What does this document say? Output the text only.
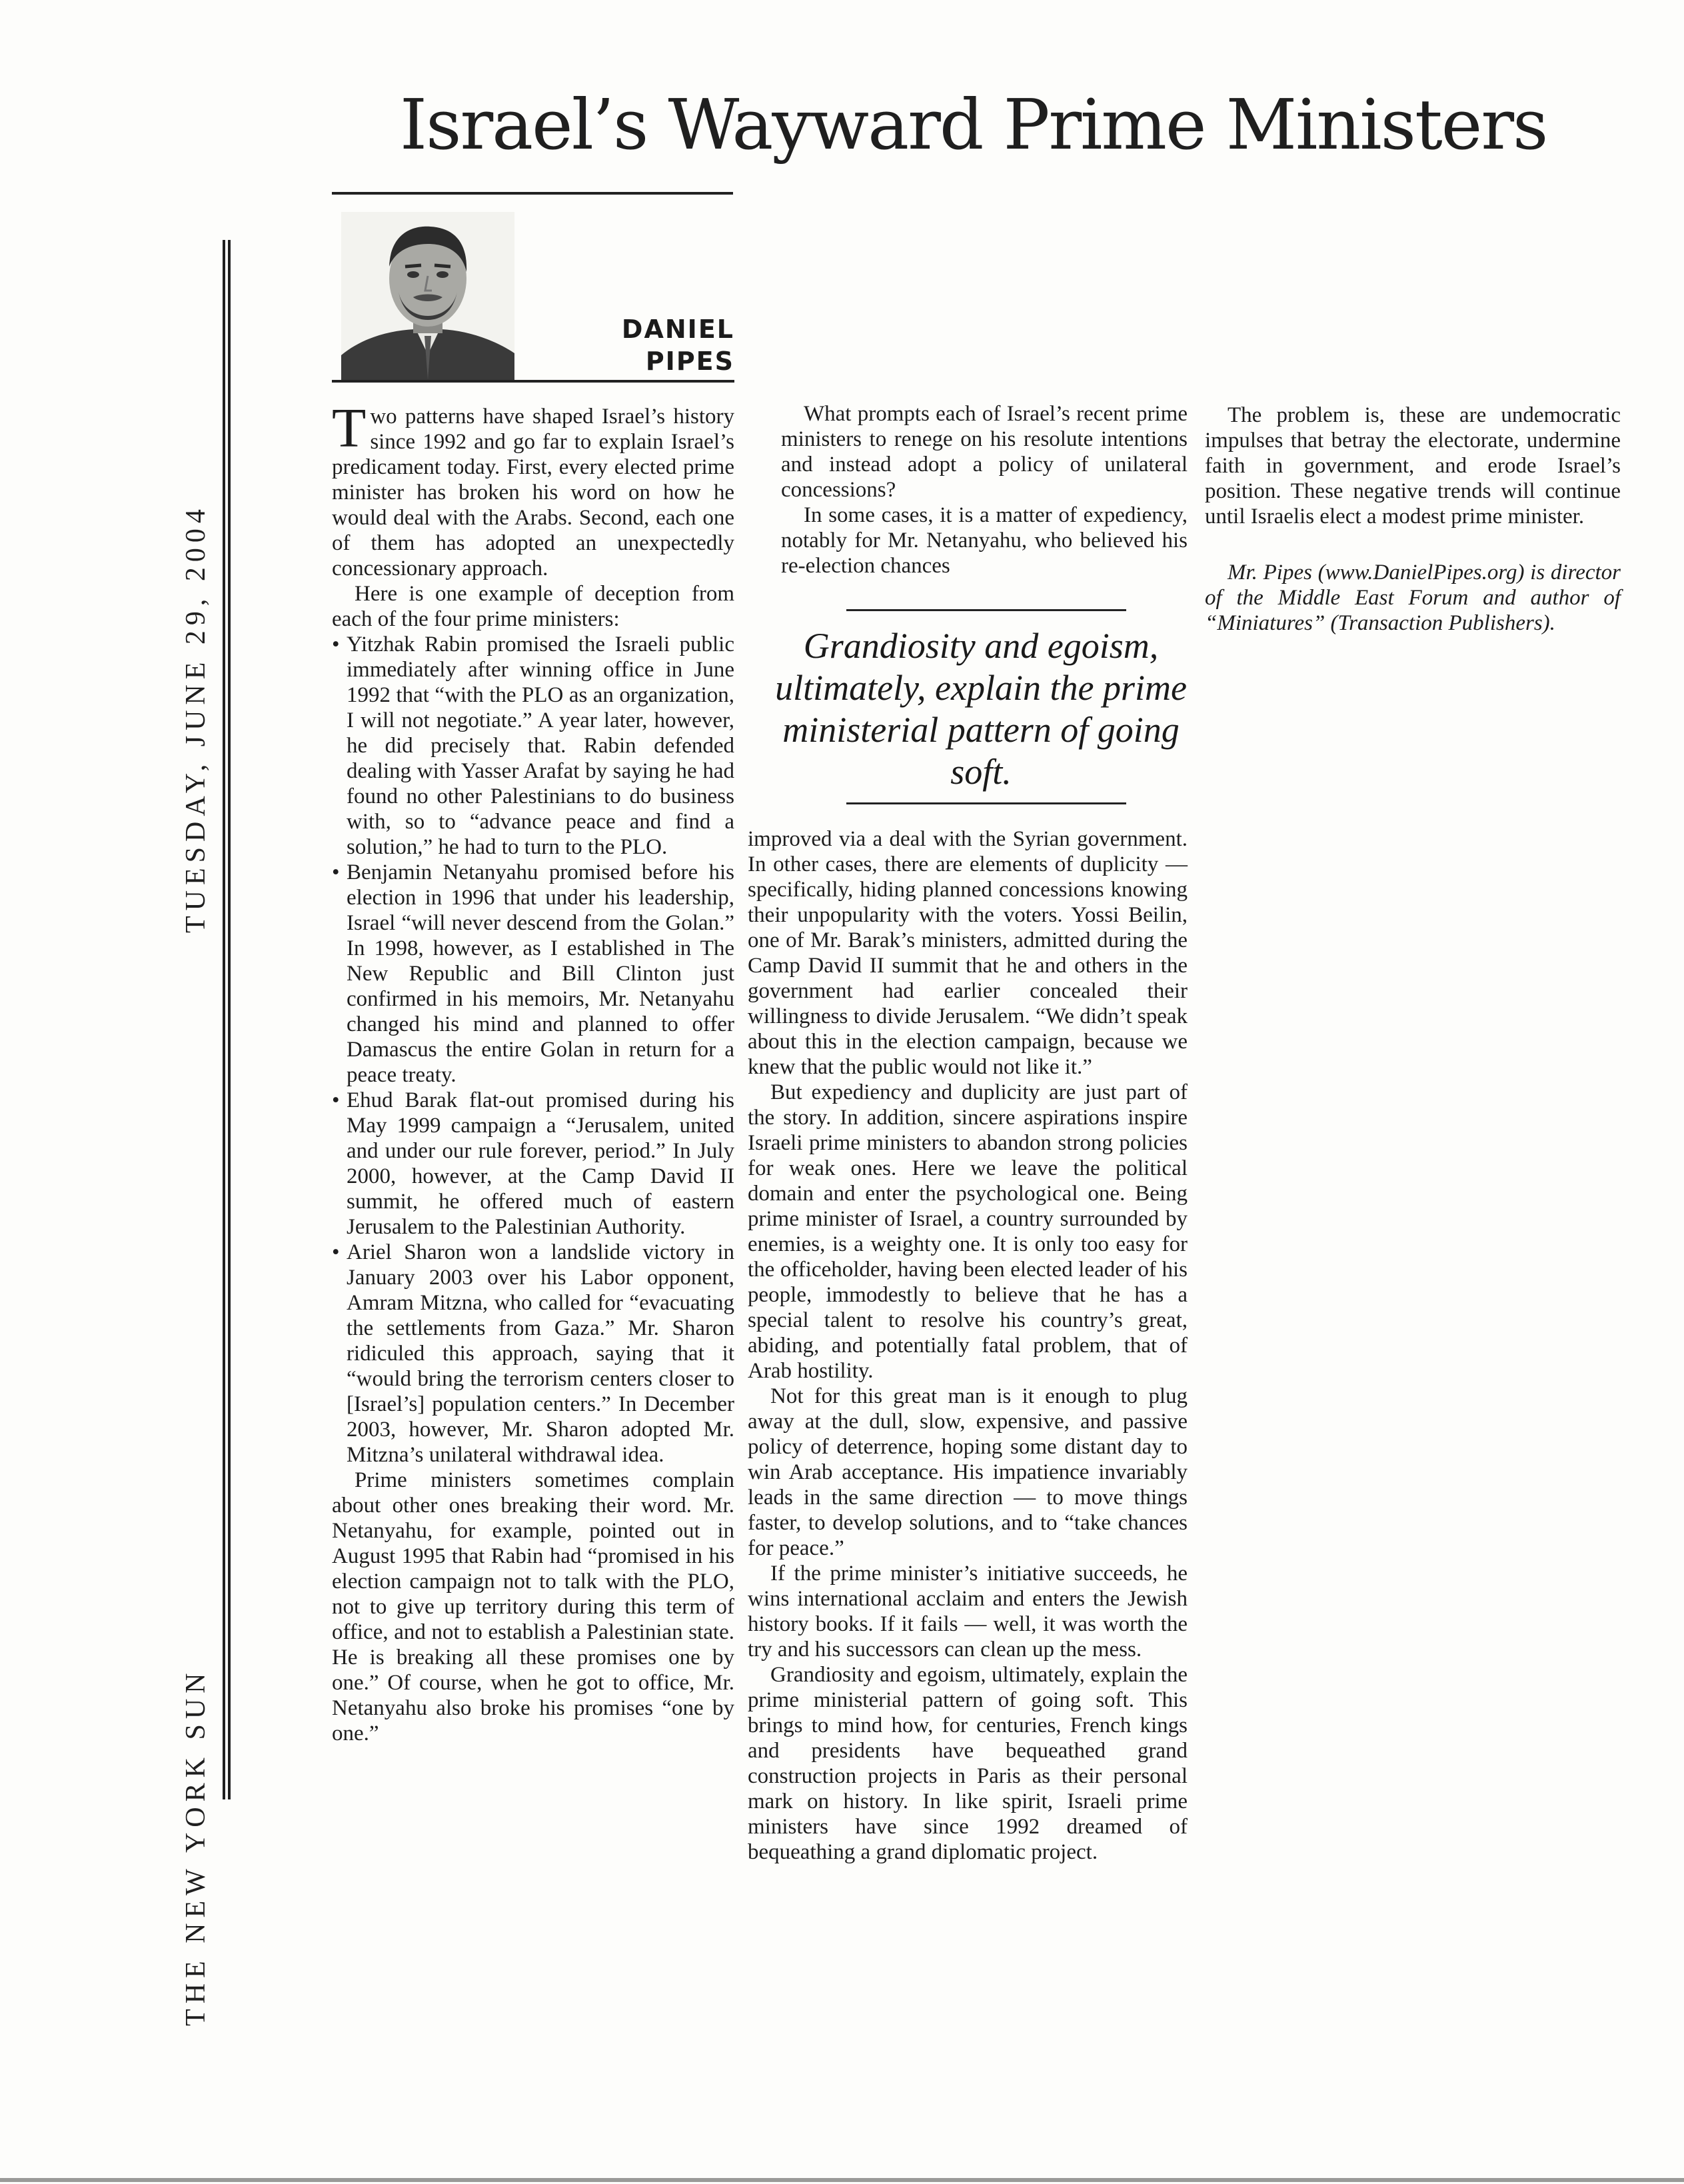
Israel’s Wayward Prime Ministers
TUESDAY, JUNE 29, 2004
THE NEW YORK SUN
DANIEL
PIPES

Two patterns have shaped Israel’s history since 1992 and go far to explain Israel’s predicament today. First, every elected prime minister has broken his word on how he would deal with the Arabs. Second, each one of them has adopted an unexpectedly concessionary approach.

Here is one example of deception from each of the four prime ministers:

• Yitzhak Rabin promised the Israeli public immediately after winning office in June 1992 that “with the PLO as an organization, I will not negotiate.” A year later, however, he did precisely that. Rabin defended dealing with Yasser Arafat by saying he had found no other Palestinians to do business with, so to “advance peace and find a solution,” he had to turn to the PLO.
• Benjamin Netanyahu promised before his election in 1996 that under his leadership, Israel “will never descend from the Golan.” In 1998, however, as I established in The New Republic and Bill Clinton just confirmed in his memoirs, Mr. Netanyahu changed his mind and planned to offer Damascus the entire Golan in return for a peace treaty.
• Ehud Barak flat-out promised during his May 1999 campaign a “Jerusalem, united and under our rule forever, period.” In July 2000, however, at the Camp David II summit, he offered much of eastern Jerusalem to the Palestinian Authority.
• Ariel Sharon won a landslide victory in January 2003 over his Labor opponent, Amram Mitzna, who called for “evacuating the settlements from Gaza.” Mr. Sharon ridiculed this approach, saying that it “would bring the terrorism centers closer to [Israel’s] population centers.” In December 2003, however, Mr. Sharon adopted Mr. Mitzna’s unilateral withdrawal idea.

Prime ministers sometimes complain about other ones breaking their word. Mr. Netanyahu, for example, pointed out in August 1995 that Rabin had “promised in his election campaign not to talk with the PLO, not to give up territory during this term of office, and not to establish a Palestinian state. He is breaking all these promises one by one.” Of course, when he got to office, Mr. Netanyahu also broke his promises “one by one.”

What prompts each of Israel’s recent prime ministers to renege on his resolute intentions and instead adopt a policy of unilateral concessions?

In some cases, it is a matter of expediency, notably for Mr. Netanyahu, who believed his re-election chances

Grandiosity and egoism, ultimately, explain the prime ministerial pattern of going soft.

improved via a deal with the Syrian government. In other cases, there are elements of duplicity — specifically, hiding planned concessions knowing their unpopularity with the voters. Yossi Beilin, one of Mr. Barak’s ministers, admitted during the Camp David II summit that he and others in the government had earlier concealed their willingness to divide Jerusalem. “We didn’t speak about this in the election campaign, because we knew that the public would not like it.”

But expediency and duplicity are just part of the story. In addition, sincere aspirations inspire Israeli prime ministers to abandon strong policies for weak ones. Here we leave the political domain and enter the psychological one. Being prime minister of Israel, a country surrounded by enemies, is a weighty one. It is only too easy for the officeholder, having been elected leader of his people, immodestly to believe that he has a special talent to resolve his country’s great, abiding, and potentially fatal problem, that of Arab hostility.

Not for this great man is it enough to plug away at the dull, slow, expensive, and passive policy of deterrence, hoping some distant day to win Arab acceptance. His impatience invariably leads in the same direction — to move things faster, to develop solutions, and to “take chances for peace.”

If the prime minister’s initiative succeeds, he wins international acclaim and enters the Jewish history books. If it fails — well, it was worth the try and his successors can clean up the mess.

Grandiosity and egoism, ultimately, explain the prime ministerial pattern of going soft. This brings to mind how, for centuries, French kings and presidents have bequeathed grand construction projects in Paris as their personal mark on history. In like spirit, Israeli prime ministers have since 1992 dreamed of bequeathing a grand diplomatic project.

The problem is, these are undemocratic impulses that betray the electorate, undermine faith in government, and erode Israel’s position. These negative trends will continue until Israelis elect a modest prime minister.

Mr. Pipes (www.DanielPipes.org) is director of the Middle East Forum and author of “Miniatures” (Transaction Publishers).
